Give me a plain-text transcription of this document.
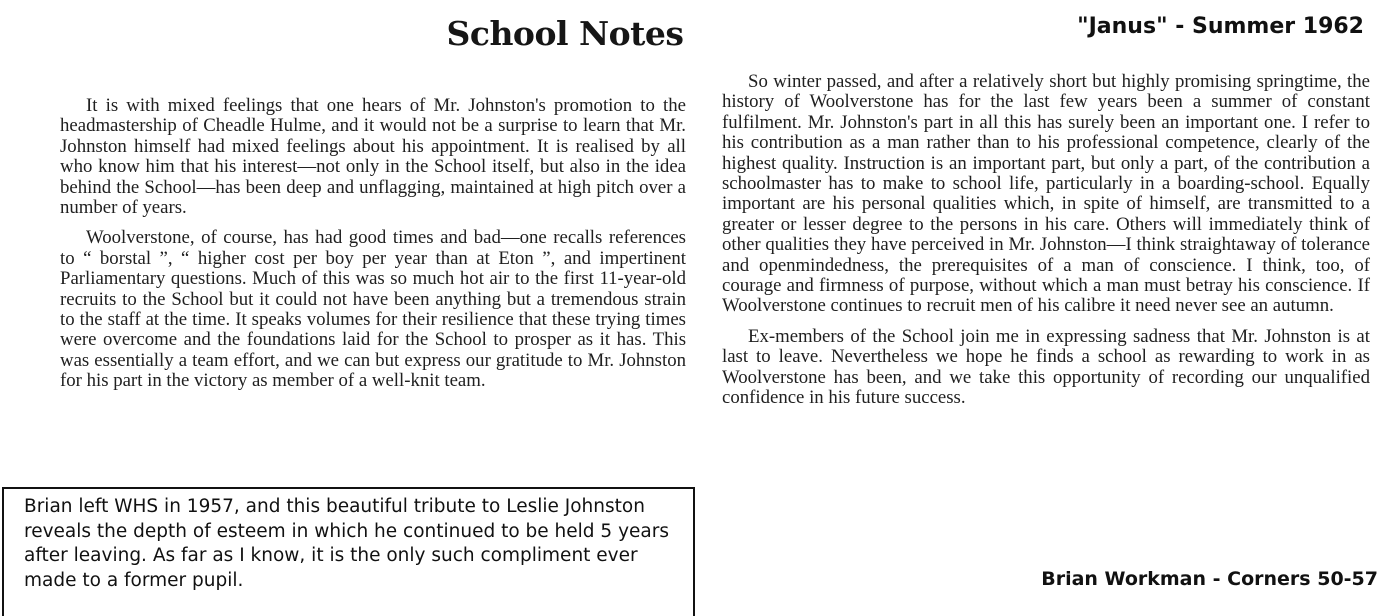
School Notes	"Janus" - Summer 1962

It is with mixed feelings that one hears of Mr. Johnston's promotion to the headmastership of Cheadle Hulme, and it would not be a surprise to learn that Mr. Johnston himself had mixed feelings about his appointment. It is realised by all who know him that his interest—not only in the School itself, but also in the idea behind the School—has been deep and unflagging, maintained at high pitch over a number of years.

Woolverstone, of course, has had good times and bad—one recalls references to “ borstal ”, “ higher cost per boy per year than at Eton ”, and impertinent Parliamentary questions. Much of this was so much hot air to the first 11-year-old recruits to the School but it could not have been anything but a tremendous strain to the staff at the time. It speaks volumes for their resilience that these trying times were overcome and the foundations laid for the School to prosper as it has. This was essentially a team effort, and we can but express our gratitude to Mr. Johnston for his part in the victory as member of a well-knit team.

So winter passed, and after a relatively short but highly promising springtime, the history of Woolverstone has for the last few years been a summer of constant fulfilment. Mr. Johnston's part in all this has surely been an important one. I refer to his contribution as a man rather than to his professional competence, clearly of the highest quality. Instruction is an important part, but only a part, of the contribution a schoolmaster has to make to school life, particularly in a boarding-school. Equally important are his personal qualities which, in spite of himself, are transmitted to a greater or lesser degree to the persons in his care. Others will immediately think of other qualities they have perceived in Mr. Johnston—I think straightaway of tolerance and openmindedness, the prerequisites of a man of conscience. I think, too, of courage and firmness of purpose, without which a man must betray his conscience. If Woolverstone continues to recruit men of his calibre it need never see an autumn.

Ex-members of the School join me in expressing sadness that Mr. Johnston is at last to leave. Nevertheless we hope he finds a school as rewarding to work in as Woolverstone has been, and we take this opportunity of recording our unqualified confidence in his future success.

Brian left WHS in 1957, and this beautiful tribute to Leslie Johnston reveals the depth of esteem in which he continued to be held 5 years after leaving. As far as I know, it is the only such compliment ever made to a former pupil.	Brian Workman - Corners 50-57
